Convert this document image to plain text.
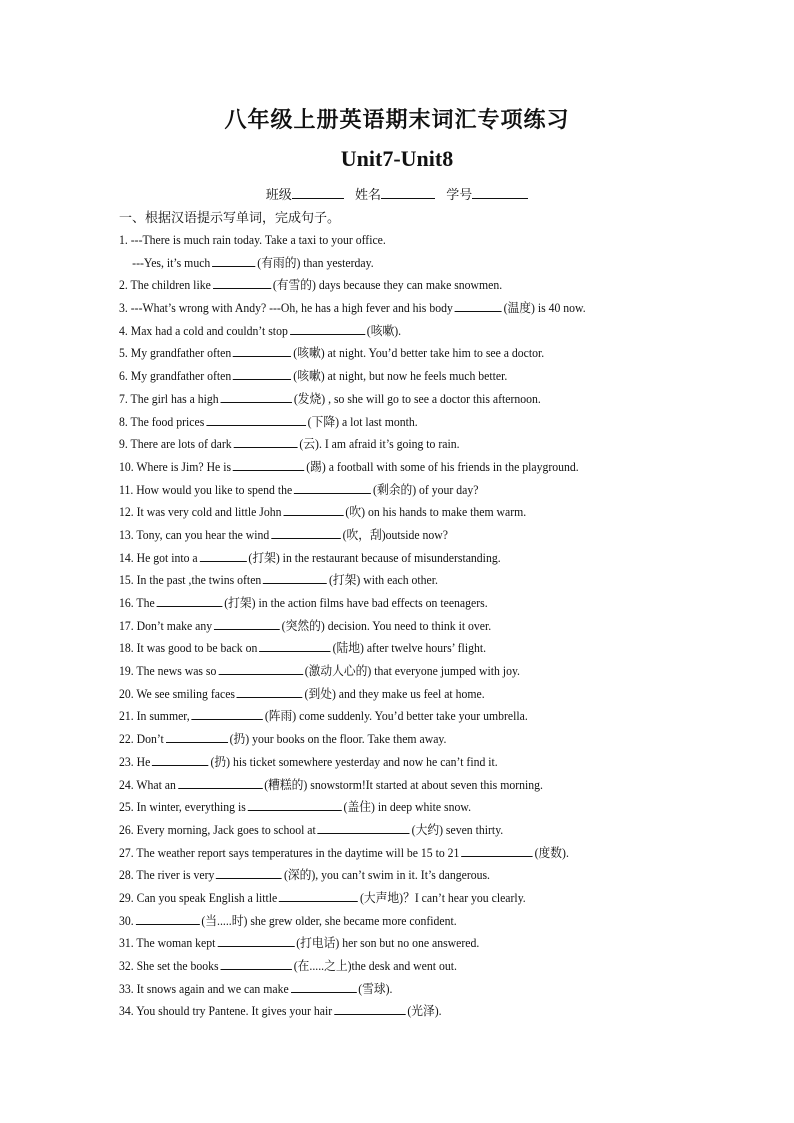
八年级上册英语期末词汇专项练习
Unit7-Unit8
班级	姓名	学号
一、根据汉语提示写单词，完成句子。
1. ---There is much rain today. Take a taxi to your office.
---Yes, it’s much	(有雨的) than yesterday.
2. The children like	(有雪的) days because they can make snowmen.
3. ---What’s wrong with Andy? ---Oh, he has a high fever and his body	(温度) is 40 now.
4. Max had a cold and couldn’t stop	(咳嗽).
5. My grandfather often	(咳嗽) at night. You’d better take him to see a doctor.
6. My grandfather often	(咳嗽) at night, but now he feels much better.
7. The girl has a high	(发烧) , so she will go to see a doctor this afternoon.
8. The food prices	(下降) a lot last month.
9. There are lots of dark	(云). I am afraid it’s going to rain.
10. Where is Jim? He is	(踢) a football with some of his friends in the playground.
11. How would you like to spend the	(剩余的) of your day?
12. It was very cold and little John	(吹) on his hands to make them warm.
13. Tony, can you hear the wind	(吹，刮)outside now?
14. He got into a	(打架) in the restaurant because of misunderstanding.
15. In the past ,the twins often	(打架) with each other.
16. The	(打架) in the action films have bad effects on teenagers.
17. Don’t make any	(突然的) decision. You need to think it over.
18. It was good to be back on	(陆地) after twelve hours’ flight.
19. The news was so	(激动人心的) that everyone jumped with joy.
20. We see smiling faces	(到处) and they make us feel at home.
21. In summer,	(阵雨) come suddenly. You’d better take your umbrella.
22. Don’t	(扔) your books on the floor. Take them away.
23. He	(扔) his ticket somewhere yesterday and now he can’t find it.
24. What an	(糟糕的) snowstorm!It started at about seven this morning.
25. In winter, everything is	(盖住) in deep white snow.
26. Every morning, Jack goes to school at	(大约) seven thirty.
27. The weather report says temperatures in the daytime will be 15 to 21	(度数).
28. The river is very	(深的), you can’t swim in it. It’s dangerous.
29. Can you speak English a little	(大声地)？I can’t hear you clearly.
30.	(当.....时) she grew older, she became more confident.
31. The woman kept	(打电话) her son but no one answered.
32. She set the books	(在.....之上)the desk and went out.
33. It snows again and we can make	(雪球).
34. You should try Pantene. It gives your hair	(光泽).
